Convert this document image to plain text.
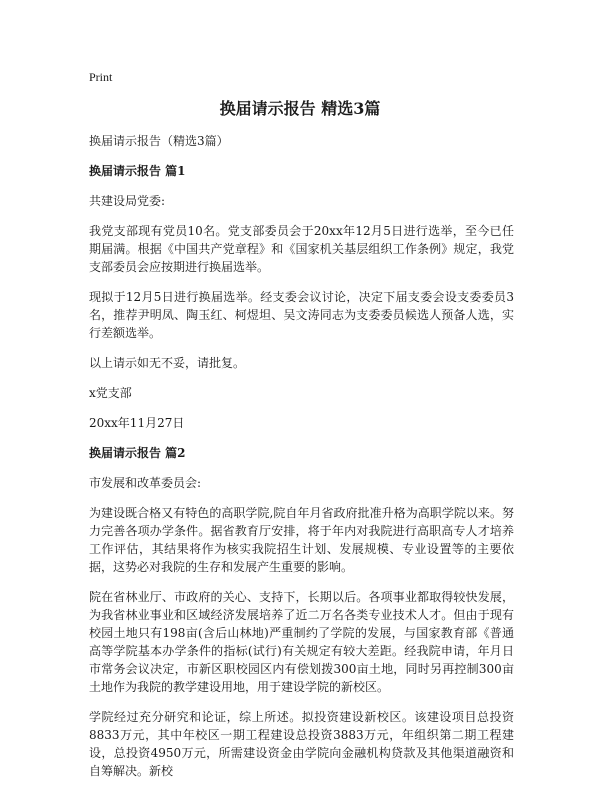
Print
换届请示报告 精选3篇

换届请示报告（精选3篇）

换届请示报告 篇1

共建设局党委:

我党支部现有党员10名。党支部委员会于20xx年12月5日进行选举，至今已任期届满。根据《中国共产党章程》和《国家机关基层组织工作条例》规定，我党支部委员会应按期进行换届选举。

现拟于12月5日进行换届选举。经支委会议讨论，决定下届支委会设支委委员3名，推荐尹明凤、陶玉红、柯煜坦、吴文涛同志为支委委员候选人预备人选，实行差额选举。

以上请示如无不妥，请批复。

x党支部

20xx年11月27日

换届请示报告 篇2

市发展和改革委员会:

为建设既合格又有特色的高职学院,院自年月省政府批准升格为高职学院以来。努力完善各项办学条件。据省教育厅安排，将于年内对我院进行高职高专人才培养工作评估，其结果将作为核实我院招生计划、发展规模、专业设置等的主要依据，这势必对我院的生存和发展产生重要的影响。

院在省林业厅、市政府的关心、支持下，长期以后。各项事业都取得较快发展，为我省林业事业和区域经济发展培养了近二万名各类专业技术人才。但由于现有校园土地只有198亩(含后山林地)严重制约了学院的发展，与国家教育部《普通高等学院基本办学条件的指标(试行)有关规定有较大差距。经我院申请，年月日市常务会议决定，市新区职校园区内有偿划拨300亩土地，同时另再控制300亩土地作为我院的教学建设用地，用于建设学院的新校区。

学院经过充分研究和论证，综上所述。拟投资建设新校区。该建设项目总投资8833万元，其中年校区一期工程建设总投资3883万元，年组织第二期工程建设，总投资4950万元，所需建设资金由学院向金融机构贷款及其他渠道融资和自筹解决。新校
